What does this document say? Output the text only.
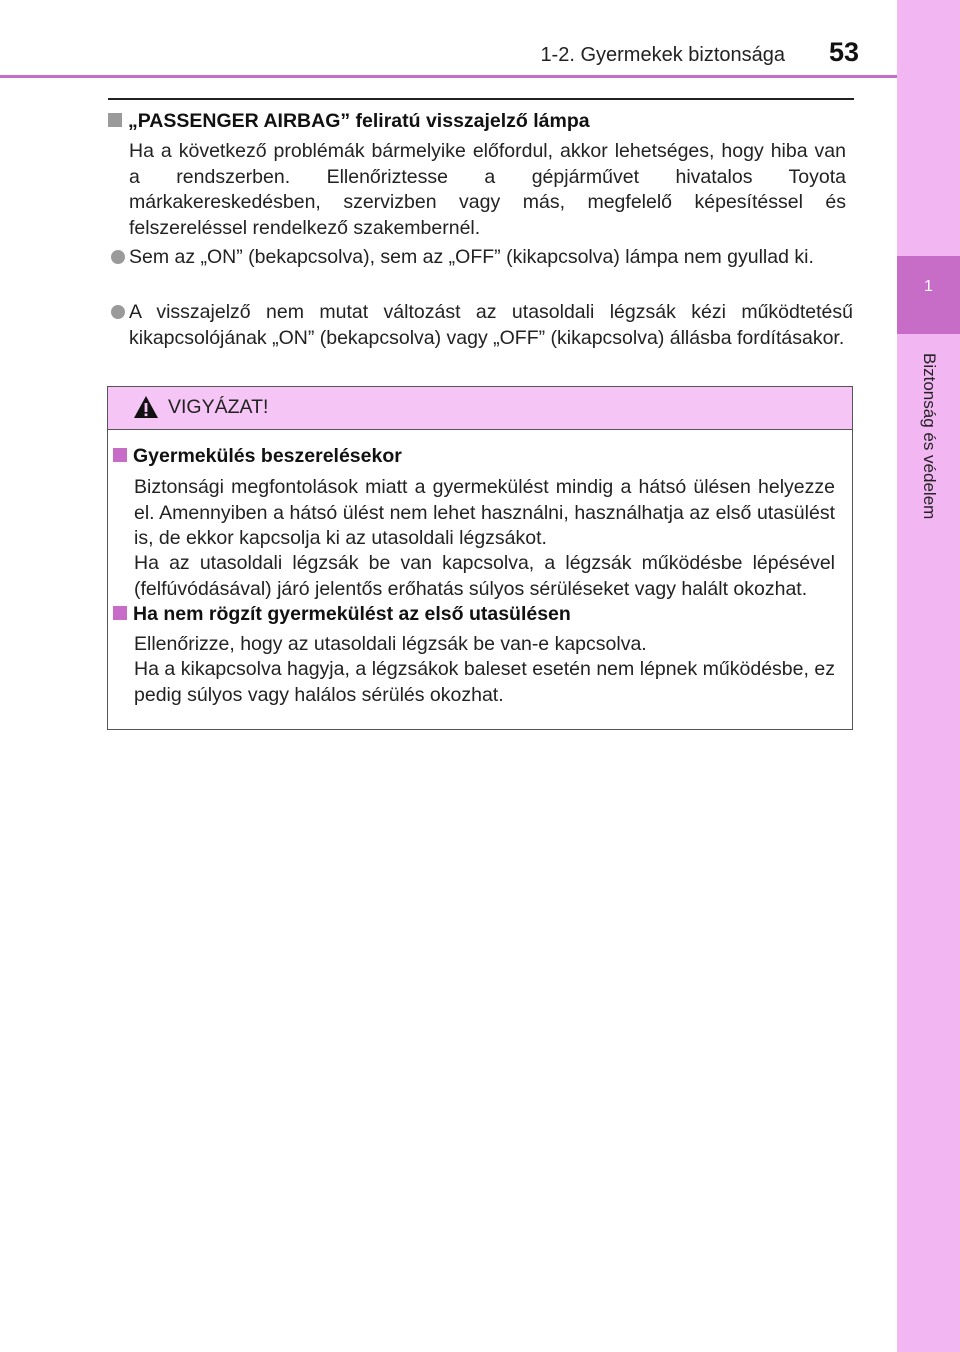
1
Biztonság és védelem
1-2. Gyermekek biztonsága	53
„PASSENGER AIRBAG” feliratú visszajelző lámpa
Ha a következő problémák bármelyike előfordul, akkor lehetséges, hogy hiba van a rendszerben. Ellenőriztesse a gépjárművet hivatalos Toyota márkakereskedésben, szervizben vagy más, megfelelő képesítéssel és felszereléssel rendelkező szakembernél.
Sem az „ON” (bekapcsolva), sem az „OFF” (kikapcsolva) lámpa nem gyullad ki.
A visszajelző nem mutat változást az utasoldali légzsák kézi működtetésű kikapcsolójának „ON” (bekapcsolva) vagy „OFF” (kikapcsolva) állásba fordításakor.
VIGYÁZAT!
Gyermekülés beszerelésekor
Biztonsági megfontolások miatt a gyermekülést mindig a hátsó ülésen helyezze el. Amennyiben a hátsó ülést nem lehet használni, használhatja az első utasülést is, de ekkor kapcsolja ki az utasoldali légzsákot.
Ha az utasoldali légzsák be van kapcsolva, a légzsák működésbe lépésével (felfúvódásával) járó jelentős erőhatás súlyos sérüléseket vagy halált okozhat.
Ha nem rögzít gyermekülést az első utasülésen
Ellenőrizze, hogy az utasoldali légzsák be van-e kapcsolva.
Ha a kikapcsolva hagyja, a légzsákok baleset esetén nem lépnek működésbe, ez pedig súlyos vagy halálos sérülés okozhat.
